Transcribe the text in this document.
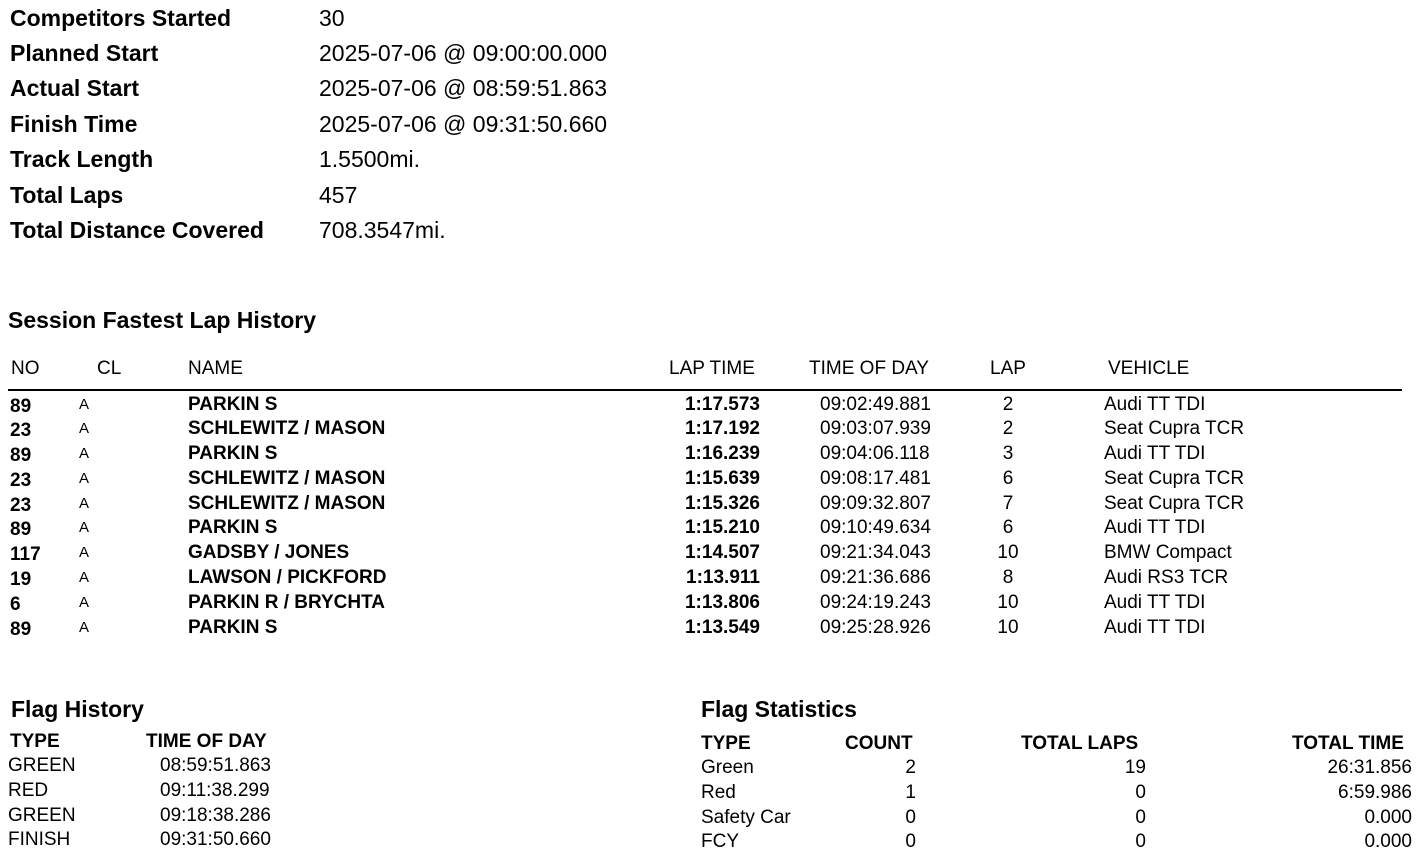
Competitors Started	30
Planned Start	2025-07-06 @ 09:00:00.000
Actual Start	2025-07-06 @ 08:59:51.863
Finish Time	2025-07-06 @ 09:31:50.660
Track Length	1.5500mi.
Total Laps	457
Total Distance Covered 708.3547mi.
Session Fastest Lap History
NO	CL	NAME	LAP TIME	TIME OF DAY	LAP	VEHICLE
89	A	PARKIN S	1:17.573	09:02:49.881	2	Audi TT TDI
23	A	SCHLEWITZ / MASON	1:17.192	09:03:07.939	2	Seat Cupra TCR
89	A	PARKIN S	1:16.239	09:04:06.118	3	Audi TT TDI
23	A	SCHLEWITZ / MASON	1:15.639	09:08:17.481	6	Seat Cupra TCR
23	A	SCHLEWITZ / MASON	1:15.326	09:09:32.807	7	Seat Cupra TCR
89	A	PARKIN S	1:15.210	09:10:49.634	6	Audi TT TDI
117	A	GADSBY / JONES	1:14.507	09:21:34.043	10	BMW Compact
19	A	LAWSON / PICKFORD	1:13.911	09:21:36.686	8	Audi RS3 TCR
6	A	PARKIN R / BRYCHTA	1:13.806	09:24:19.243	10	Audi TT TDI
89	A	PARKIN S	1:13.549	09:25:28.926	10	Audi TT TDI
Flag History
TYPE	TIME OF DAY
GREEN	08:59:51.863
RED	09:11:38.299
GREEN	09:18:38.286
FINISH	09:31:50.660
Flag Statistics
TYPE	COUNT	TOTAL LAPS	TOTAL TIME
Green	2	19	26:31.856
Red	1	0	6:59.986
Safety Car	0	0	0.000
FCY	0	0	0.000
